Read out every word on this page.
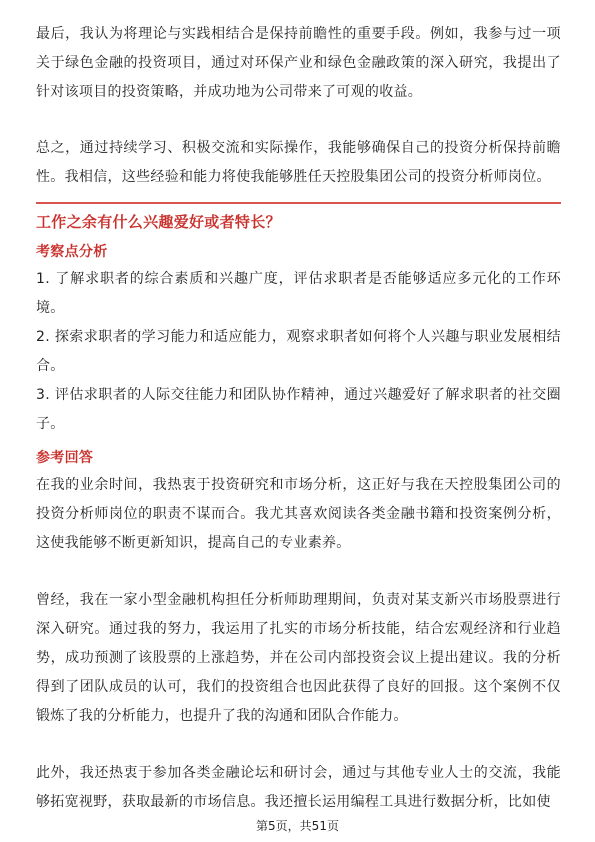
最后，我认为将理论与实践相结合是保持前瞻性的重要手段。例如，我参与过一项关于绿色金融的投资项目，通过对环保产业和绿色金融政策的深入研究，我提出了针对该项目的投资策略，并成功地为公司带来了可观的收益。

总之，通过持续学习、积极交流和实际操作，我能够确保自己的投资分析保持前瞻性。我相信，这些经验和能力将使我能够胜任天控股集团公司的投资分析师岗位。

工作之余有什么兴趣爱好或者特长？
考察点分析

1. 了解求职者的综合素质和兴趣广度，评估求职者是否能够适应多元化的工作环境。

2. 探索求职者的学习能力和适应能力，观察求职者如何将个人兴趣与职业发展相结合。

3. 评估求职者的人际交往能力和团队协作精神，通过兴趣爱好了解求职者的社交圈子。

参考回答

在我的业余时间，我热衷于投资研究和市场分析，这正好与我在天控股集团公司的投资分析师岗位的职责不谋而合。我尤其喜欢阅读各类金融书籍和投资案例分析，这使我能够不断更新知识，提高自己的专业素养。

曾经，我在一家小型金融机构担任分析师助理期间，负责对某支新兴市场股票进行深入研究。通过我的努力，我运用了扎实的市场分析技能，结合宏观经济和行业趋势，成功预测了该股票的上涨趋势，并在公司内部投资会议上提出建议。我的分析得到了团队成员的认可，我们的投资组合也因此获得了良好的回报。这个案例不仅锻炼了我的分析能力，也提升了我的沟通和团队合作能力。

此外，我还热衷于参加各类金融论坛和研讨会，通过与其他专业人士的交流，我能够拓宽视野，获取最新的市场信息。我还擅长运用编程工具进行数据分析，比如使

第5页，共51页
